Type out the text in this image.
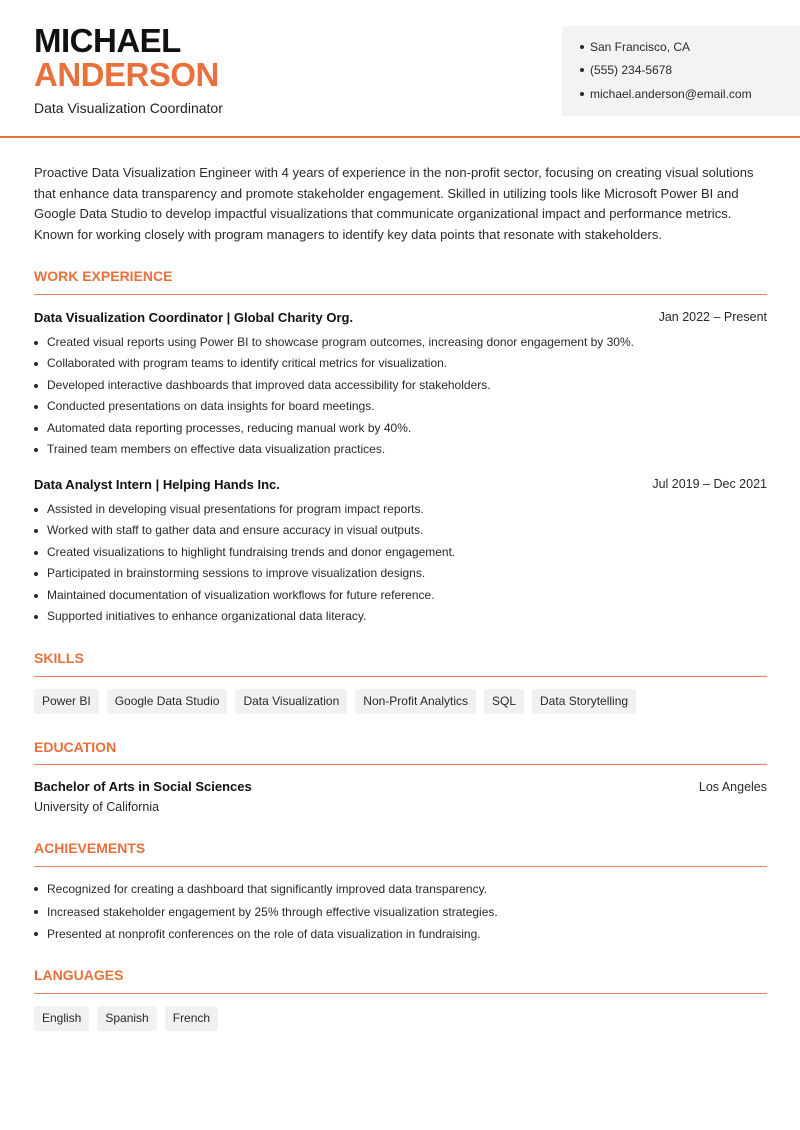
MICHAEL
ANDERSON
Data Visualization Coordinator
San Francisco, CA
(555) 234-5678
michael.anderson@email.com

Proactive Data Visualization Engineer with 4 years of experience in the non-profit sector, focusing on creating visual solutions that enhance data transparency and promote stakeholder engagement. Skilled in utilizing tools like Microsoft Power BI and Google Data Studio to develop impactful visualizations that communicate organizational impact and performance metrics. Known for working closely with program managers to identify key data points that resonate with stakeholders.

WORK EXPERIENCE
Data Visualization Coordinator | Global Charity Org.	Jan 2022 – Present
Created visual reports using Power BI to showcase program outcomes, increasing donor engagement by 30%.
Collaborated with program teams to identify critical metrics for visualization.
Developed interactive dashboards that improved data accessibility for stakeholders.
Conducted presentations on data insights for board meetings.
Automated data reporting processes, reducing manual work by 40%.
Trained team members on effective data visualization practices.
Data Analyst Intern | Helping Hands Inc.	Jul 2019 – Dec 2021
Assisted in developing visual presentations for program impact reports.
Worked with staff to gather data and ensure accuracy in visual outputs.
Created visualizations to highlight fundraising trends and donor engagement.
Participated in brainstorming sessions to improve visualization designs.
Maintained documentation of visualization workflows for future reference.
Supported initiatives to enhance organizational data literacy.
SKILLS
Power BI	Google Data Studio	Data Visualization	Non-Profit Analytics	SQL	Data Storytelling
EDUCATION
Bachelor of Arts in Social Sciences	Los Angeles
University of California
ACHIEVEMENTS
Recognized for creating a dashboard that significantly improved data transparency.
Increased stakeholder engagement by 25% through effective visualization strategies.
Presented at nonprofit conferences on the role of data visualization in fundraising.
LANGUAGES
English	Spanish	French
